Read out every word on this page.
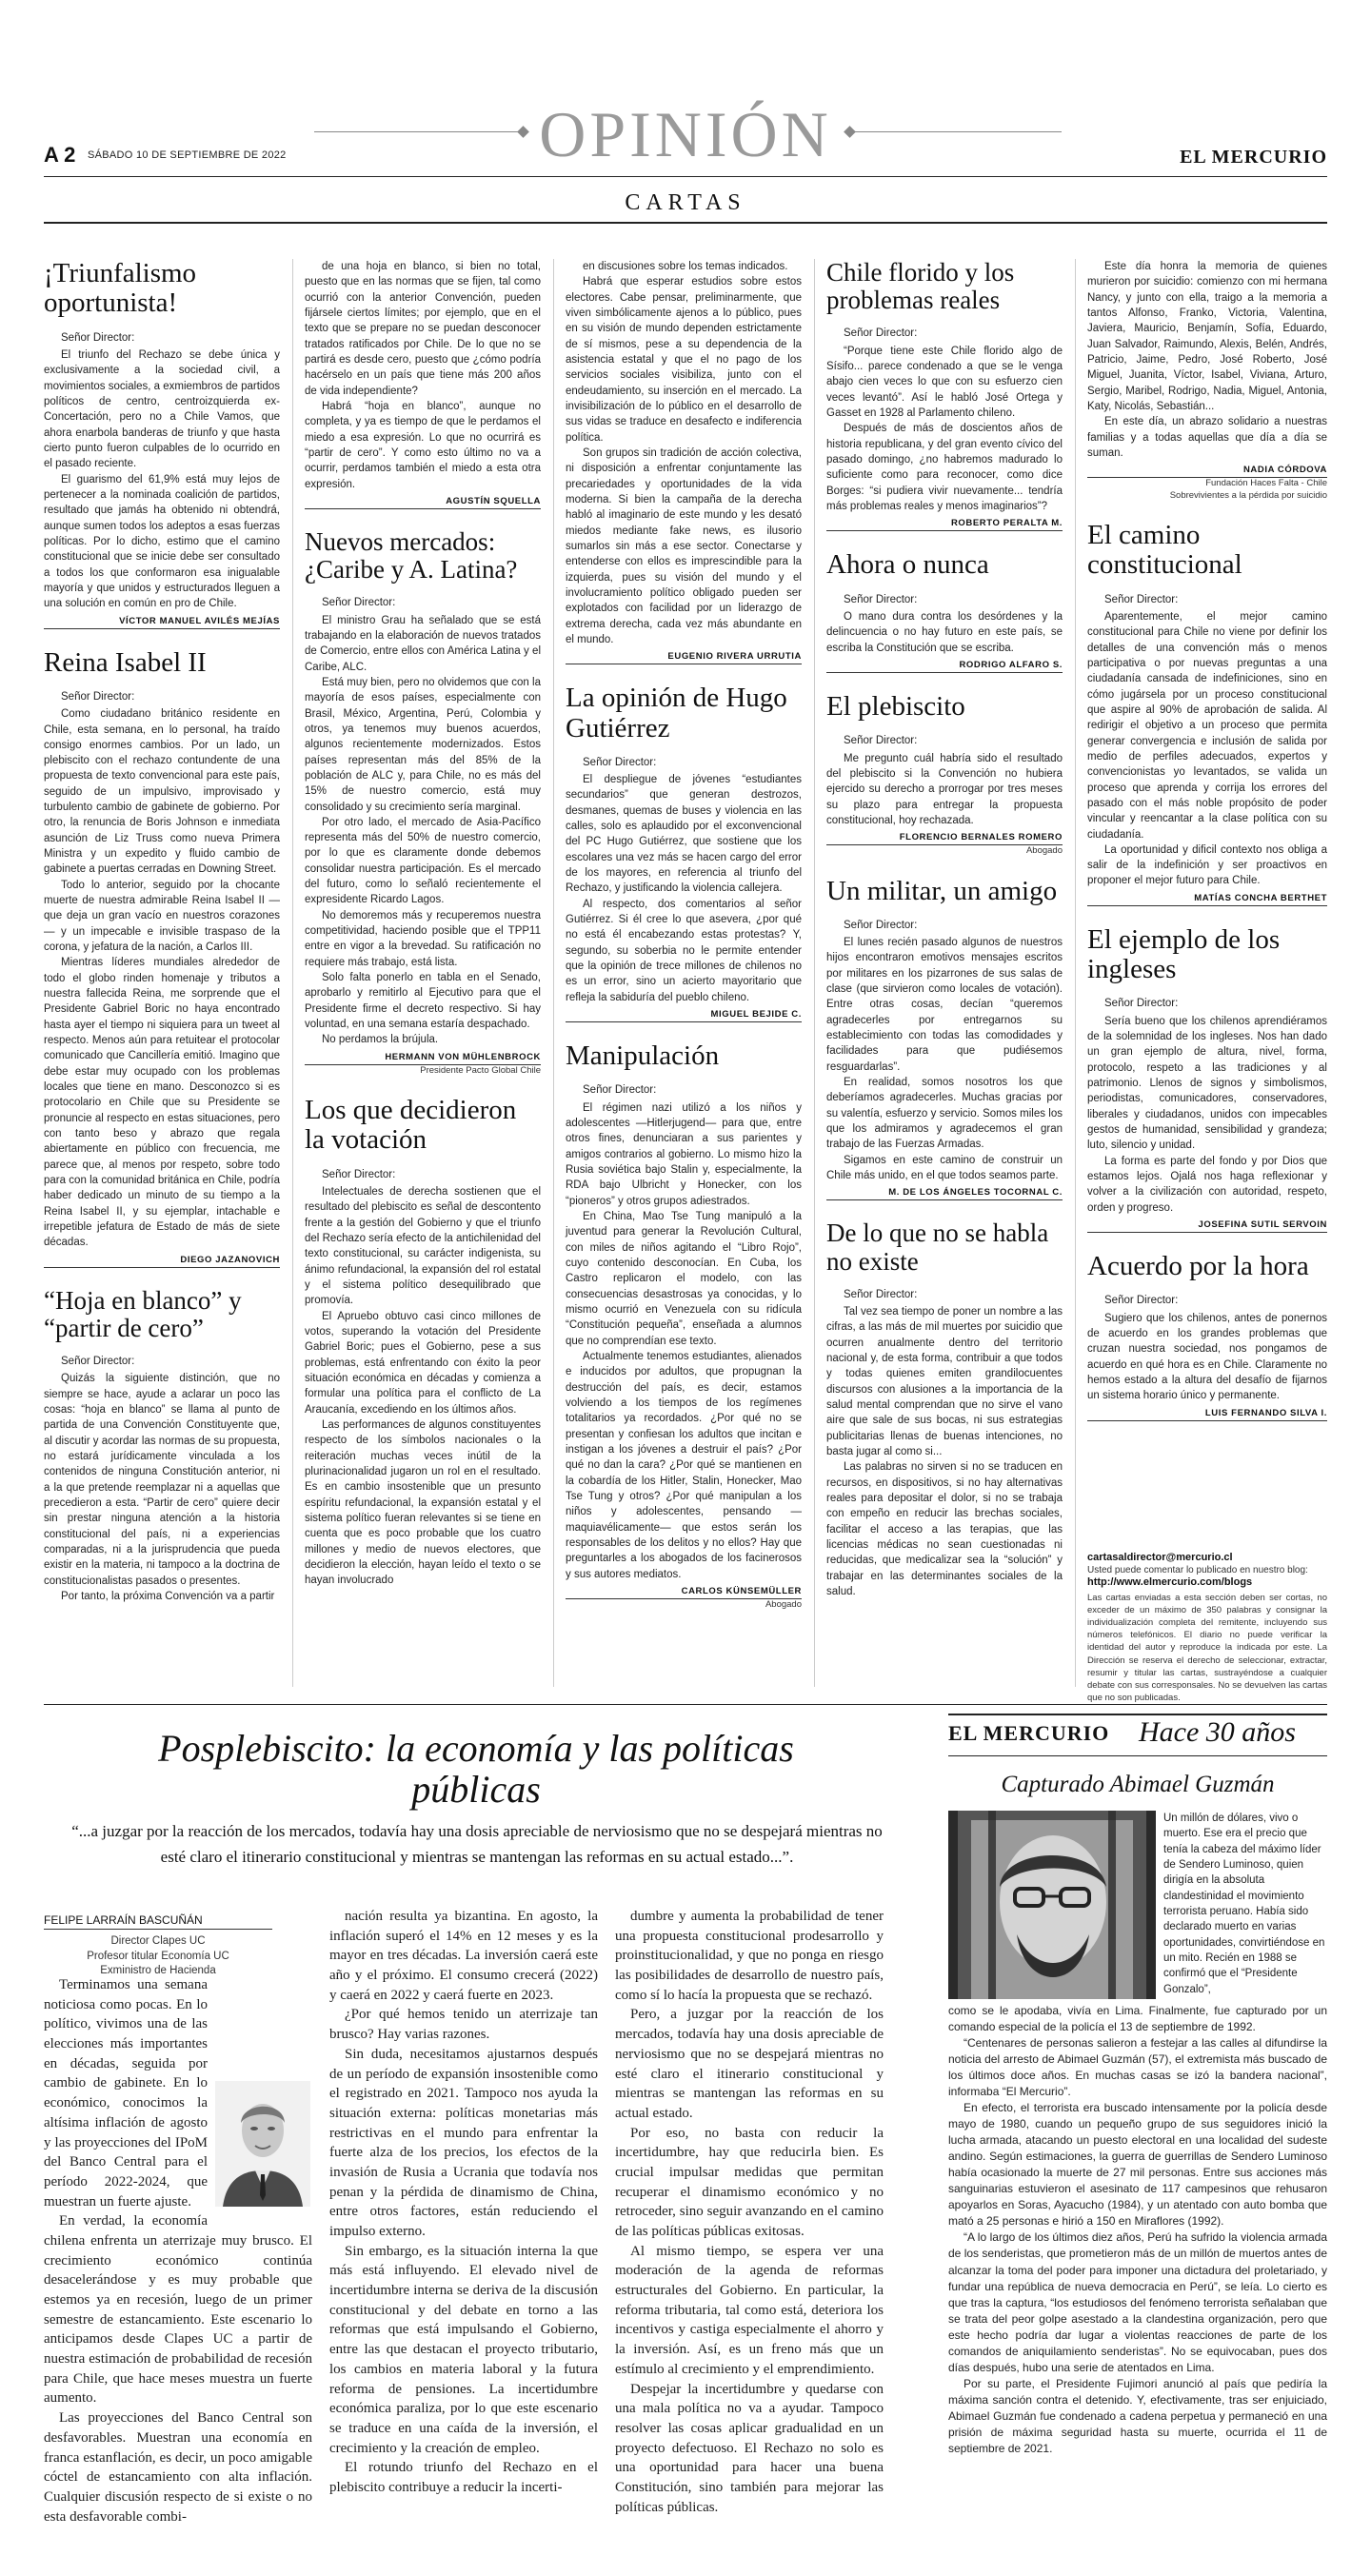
A 2 SÁBADO 10 DE SEPTIEMBRE DE 2022	OPINIÓN	EL MERCURIO
CARTAS
¡Triunfalismo oportunista!
Señor Director:

El triunfo del Rechazo se debe única y exclusivamente a la sociedad civil, a movimientos sociales, a exmiembros de partidos políticos de centro, centroizquierda ex-Concertación, pero no a Chile Vamos, que ahora enarbola banderas de triunfo y que hasta cierto punto fueron culpables de lo ocurrido en el pasado reciente.

El guarismo del 61,9% está muy lejos de pertenecer a la nominada coalición de partidos, resultado que jamás ha obtenido ni obtendrá, aunque sumen todos los adeptos a esas fuerzas políticas. Por lo dicho, estimo que el camino constitucional que se inicie debe ser consultado a todos los que conformaron esa inigualable mayoría y que unidos y estructurados lleguen a una solución en común en pro de Chile.

VÍCTOR MANUEL AVILÉS MEJÍAS
Reina Isabel II
Señor Director:

Como ciudadano británico residente en Chile, esta semana, en lo personal, ha traído consigo enormes cambios. Por un lado, un plebiscito con el rechazo contundente de una propuesta de texto convencional para este país, seguido de un impulsivo, improvisado y turbulento cambio de gabinete de gobierno. Por otro, la renuncia de Boris Johnson e inmediata asunción de Liz Truss como nueva Primera Ministra y un expedito y fluido cambio de gabinete a puertas cerradas en Downing Street.

Todo lo anterior, seguido por la chocante muerte de nuestra admirable Reina Isabel II —que deja un gran vacío en nuestros corazones— y un impecable e invisible traspaso de la corona, y jefatura de la nación, a Carlos III.

Mientras líderes mundiales alrededor de todo el globo rinden homenaje y tributos a nuestra fallecida Reina, me sorprende que el Presidente Gabriel Boric no haya encontrado hasta ayer el tiempo ni siquiera para un tweet al respecto. Menos aún para retuitear el protocolar comunicado que Cancillería emitió. Imagino que debe estar muy ocupado con los problemas locales que tiene en mano. Desconozco si es protocolario en Chile que su Presidente se pronuncie al respecto en estas situaciones, pero con tanto beso y abrazo que regala abiertamente en público con frecuencia, me parece que, al menos por respeto, sobre todo para con la comunidad británica en Chile, podría haber dedicado un minuto de su tiempo a la Reina Isabel II, y su ejemplar, intachable e irrepetible jefatura de Estado de más de siete décadas.

DIEGO JAZANOVICH
“Hoja en blanco” y “partir de cero”
Señor Director:

Quizás la siguiente distinción, que no siempre se hace, ayude a aclarar un poco las cosas: “hoja en blanco” se llama al punto de partida de una Convención Constituyente que, al discutir y acordar las normas de su propuesta, no estará jurídicamente vinculada a los contenidos de ninguna Constitución anterior, ni a la que pretende reemplazar ni a aquellas que precedieron a esta. “Partir de cero” quiere decir sin prestar ninguna atención a la historia constitucional del país, ni a experiencias comparadas, ni a la jurisprudencia que pueda existir en la materia, ni tampoco a la doctrina de constitucionalistas pasados o presentes.

Por tanto, la próxima Convención va a partir

de una hoja en blanco, si bien no total, puesto que en las normas que se fijen, tal como ocurrió con la anterior Convención, pueden fijársele ciertos límites; por ejemplo, que en el texto que se prepare no se puedan desconocer tratados ratificados por Chile. De lo que no se partirá es desde cero, puesto que ¿cómo podría hacérselo en un país que tiene más 200 años de vida independiente?

Habrá “hoja en blanco”, aunque no completa, y ya es tiempo de que le perdamos el miedo a esa expresión. Lo que no ocurrirá es “partir de cero”. Y como esto último no va a ocurrir, perdamos también el miedo a esta otra expresión.

AGUSTÍN SQUELLA
Nuevos mercados: ¿Caribe y A. Latina?
Señor Director:

El ministro Grau ha señalado que se está trabajando en la elaboración de nuevos tratados de Comercio, entre ellos con América Latina y el Caribe, ALC.

Está muy bien, pero no olvidemos que con la mayoría de esos países, especialmente con Brasil, México, Argentina, Perú, Colombia y otros, ya tenemos muy buenos acuerdos, algunos recientemente modernizados. Estos países representan más del 85% de la población de ALC y, para Chile, no es más del 15% de nuestro comercio, está muy consolidado y su crecimiento sería marginal.

Por otro lado, el mercado de Asia-Pacífico representa más del 50% de nuestro comercio, por lo que es claramente donde debemos consolidar nuestra participación. Es el mercado del futuro, como lo señaló recientemente el expresidente Ricardo Lagos.

No demoremos más y recuperemos nuestra competitividad, haciendo posible que el TPP11 entre en vigor a la brevedad. Su ratificación no requiere más trabajo, está lista.

Solo falta ponerlo en tabla en el Senado, aprobarlo y remitirlo al Ejecutivo para que el Presidente firme el decreto respectivo. Si hay voluntad, en una semana estaría despachado.

No perdamos la brújula.

HERMANN VON MÜHLENBROCK
Presidente Pacto Global Chile
Los que decidieron la votación
Señor Director:

Intelectuales de derecha sostienen que el resultado del plebiscito es señal de descontento frente a la gestión del Gobierno y que el triunfo del Rechazo sería efecto de la antichilenidad del texto constitucional, su carácter indigenista, su ánimo refundacional, la expansión del rol estatal y el sistema político desequilibrado que promovía.

El Apruebo obtuvo casi cinco millones de votos, superando la votación del Presidente Gabriel Boric; pues el Gobierno, pese a sus problemas, está enfrentando con éxito la peor situación económica en décadas y comienza a formular una política para el conflicto de La Araucanía, excediendo en los últimos años.

Las performances de algunos constituyentes respecto de los símbolos nacionales o la reiteración muchas veces inútil de la plurinacionalidad jugaron un rol en el resultado. Es en cambio insostenible que un presunto espíritu refundacional, la expansión estatal y el sistema político fueran relevantes si se tiene en cuenta que es poco probable que los cuatro millones y medio de nuevos electores, que decidieron la elección, hayan leído el texto o se hayan involucrado

en discusiones sobre los temas indicados.

Habrá que esperar estudios sobre estos electores. Cabe pensar, preliminarmente, que viven simbólicamente ajenos a lo público, pues en su visión de mundo dependen estrictamente de sí mismos, pese a su dependencia de la asistencia estatal y que el no pago de los servicios sociales visibiliza, junto con el endeudamiento, su inserción en el mercado. La invisibilización de lo público en el desarrollo de sus vidas se traduce en desafecto e indiferencia política.

Son grupos sin tradición de acción colectiva, ni disposición a enfrentar conjuntamente las precariedades y oportunidades de la vida moderna. Si bien la campaña de la derecha habló al imaginario de este mundo y les desató miedos mediante fake news, es ilusorio sumarlos sin más a ese sector. Conectarse y entenderse con ellos es imprescindible para la izquierda, pues su visión del mundo y el involucramiento político obligado pueden ser explotados con facilidad por un liderazgo de extrema derecha, cada vez más abundante en el mundo.

EUGENIO RIVERA URRUTIA
La opinión de Hugo Gutiérrez
Señor Director:

El despliegue de jóvenes “estudiantes secundarios” que generan destrozos, desmanes, quemas de buses y violencia en las calles, solo es aplaudido por el exconvencional del PC Hugo Gutiérrez, que sostiene que los escolares una vez más se hacen cargo del error de los mayores, en referencia al triunfo del Rechazo, y justificando la violencia callejera.

Al respecto, dos comentarios al señor Gutiérrez. Si él cree lo que asevera, ¿por qué no está él encabezando estas protestas? Y, segundo, su soberbia no le permite entender que la opinión de trece millones de chilenos no es un error, sino un acierto mayoritario que refleja la sabiduría del pueblo chileno.

MIGUEL BEJIDE C.
Manipulación
Señor Director:

El régimen nazi utilizó a los niños y adolescentes —Hitlerjugend— para que, entre otros fines, denunciaran a sus parientes y amigos contrarios al gobierno. Lo mismo hizo la Rusia soviética bajo Stalin y, especialmente, la RDA bajo Ulbricht y Honecker, con los “pioneros” y otros grupos adiestrados.

En China, Mao Tse Tung manipuló a la juventud para generar la Revolución Cultural, con miles de niños agitando el “Libro Rojo”, cuyo contenido desconocían. En Cuba, los Castro replicaron el modelo, con las consecuencias desastrosas ya conocidas, y lo mismo ocurrió en Venezuela con su ridícula “Constitución pequeña”, enseñada a alumnos que no comprendían ese texto.

Actualmente tenemos estudiantes, alienados e inducidos por adultos, que propugnan la destrucción del país, es decir, estamos volviendo a los tiempos de los regímenes totalitarios ya recordados. ¿Por qué no se presentan y confiesan los adultos que incitan e instigan a los jóvenes a destruir el país? ¿Por qué no dan la cara? ¿Por qué se mantienen en la cobardía de los Hitler, Stalin, Honecker, Mao Tse Tung y otros? ¿Por qué manipulan a los niños y adolescentes, pensando —maquiavélicamente— que estos serán los responsables de los delitos y no ellos? Hay que preguntarles a los abogados de los facinerosos y sus autores mediatos.

CARLOS KÜNSEMÜLLER
Abogado
Chile florido y los problemas reales
Señor Director:

“Porque tiene este Chile florido algo de Sísifo... parece condenado a que se le venga abajo cien veces lo que con su esfuerzo cien veces levantó”. Así le habló José Ortega y Gasset en 1928 al Parlamento chileno.

Después de más de doscientos años de historia republicana, y del gran evento cívico del pasado domingo, ¿no habremos madurado lo suficiente como para reconocer, como dice Borges: “si pudiera vivir nuevamente... tendría más problemas reales y menos imaginarios”?

ROBERTO PERALTA M.
Ahora o nunca
Señor Director:

O mano dura contra los desórdenes y la delincuencia o no hay futuro en este país, se escriba la Constitución que se escriba.

RODRIGO ALFARO S.
El plebiscito
Señor Director:

Me pregunto cuál habría sido el resultado del plebiscito si la Convención no hubiera ejercido su derecho a prorrogar por tres meses su plazo para entregar la propuesta constitucional, hoy rechazada.

FLORENCIO BERNALES ROMERO
Abogado
Un militar, un amigo
Señor Director:

El lunes recién pasado algunos de nuestros hijos encontraron emotivos mensajes escritos por militares en los pizarrones de sus salas de clase (que sirvieron como locales de votación). Entre otras cosas, decían “queremos agradecerles por entregarnos su establecimiento con todas las comodidades y facilidades para que pudiésemos resguardarlas”.

En realidad, somos nosotros los que deberíamos agradecerles. Muchas gracias por su valentía, esfuerzo y servicio. Somos miles los que los admiramos y agradecemos el gran trabajo de las Fuerzas Armadas.

Sigamos en este camino de construir un Chile más unido, en el que todos seamos parte.

M. DE LOS ÁNGELES TOCORNAL C.
De lo que no se habla no existe
Señor Director:

Tal vez sea tiempo de poner un nombre a las cifras, a las más de mil muertes por suicidio que ocurren anualmente dentro del territorio nacional y, de esta forma, contribuir a que todos y todas quienes emiten grandilocuentes discursos con alusiones a la importancia de la salud mental comprendan que no sirve el vano aire que sale de sus bocas, ni sus estrategias publicitarias llenas de buenas intenciones, no basta jugar al como si...

Las palabras no sirven si no se traducen en recursos, en dispositivos, si no hay alternativas reales para depositar el dolor, si no se trabaja con empeño en reducir las brechas sociales, facilitar el acceso a las terapias, que las licencias médicas no sean cuestionadas ni reducidas, que medicalizar sea la “solución” y trabajar en las determinantes sociales de la salud.

Este día honra la memoria de quienes murieron por suicidio: comienzo con mi hermana Nancy, y junto con ella, traigo a la memoria a tantos Alfonso, Franko, Victoria, Valentina, Javiera, Mauricio, Benjamín, Sofía, Eduardo, Juan Salvador, Raimundo, Alexis, Belén, Andrés, Patricio, Jaime, Pedro, José Roberto, José Miguel, Juanita, Víctor, Isabel, Viviana, Arturo, Sergio, Maribel, Rodrigo, Nadia, Miguel, Antonia, Katy, Nicolás, Sebastián...

En este día, un abrazo solidario a nuestras familias y a todas aquellas que día a día se suman.

NADIA CÓRDOVA
Fundación Haces Falta - Chile
Sobrevivientes a la pérdida por suicidio
El camino constitucional
Señor Director:

Aparentemente, el mejor camino constitucional para Chile no viene por definir los detalles de una convención más o menos participativa o por nuevas preguntas a una ciudadanía cansada de indefiniciones, sino en cómo jugársela por un proceso constitucional que aspire al 90% de aprobación de salida. Al redirigir el objetivo a un proceso que permita generar convergencia e inclusión de salida por medio de perfiles adecuados, expertos y convencionistas yo levantados, se valida un proceso que aprenda y corrija los errores del pasado con el más noble propósito de poder vincular y reencantar a la clase política con su ciudadanía.

La oportunidad y dificil contexto nos obliga a salir de la indefinición y ser proactivos en proponer el mejor futuro para Chile.

MATÍAS CONCHA BERTHET
El ejemplo de los ingleses
Señor Director:

Sería bueno que los chilenos aprendiéramos de la solemnidad de los ingleses. Nos han dado un gran ejemplo de altura, nivel, forma, protocolo, respeto a las tradiciones y al patrimonio. Llenos de signos y simbolismos, periodistas, comunicadores, conservadores, liberales y ciudadanos, unidos con impecables gestos de humanidad, sensibilidad y grandeza; luto, silencio y unidad.

La forma es parte del fondo y por Dios que estamos lejos. Ojalá nos haga reflexionar y volver a la civilización con autoridad, respeto, orden y progreso.

JOSEFINA SUTIL SERVOIN
Acuerdo por la hora
Señor Director:

Sugiero que los chilenos, antes de ponernos de acuerdo en los grandes problemas que cruzan nuestra sociedad, nos pongamos de acuerdo en qué hora es en Chile. Claramente no hemos estado a la altura del desafío de fijarnos un sistema horario único y permanente.

LUIS FERNANDO SILVA I.
cartasaldirector@mercurio.cl
Usted puede comentar lo publicado en nuestro blog:
http://www.elmercurio.com/blogs
Las cartas enviadas a esta sección deben ser cortas, no exceder de un máximo de 350 palabras y consignar la individualización completa del remitente, incluyendo sus números telefónicos. El diario no puede verificar la identidad del autor y reproduce la indicada por este. La Dirección se reserva el derecho de seleccionar, extractar, resumir y titular las cartas, sustrayéndose a cualquier debate con sus corresponsales. No se devuelven las cartas que no son publicadas.
Posplebiscito: la economía y las políticas públicas
“...a juzgar por la reacción de los mercados, todavía hay una dosis apreciable de nerviosismo que no se despejará mientras no esté claro el itinerario constitucional y mientras se mantengan las reformas en su actual estado...”.
FELIPE LARRAÍN BASCUÑÁN
Director Clapes UC
Profesor titular Economía UC
Exministro de Hacienda

Terminamos una semana noticiosa como pocas. En lo político, vivimos una de las elecciones más importantes en décadas, seguida por cambio de gabinete. En lo económico, conocimos la altísima inflación de agosto y las proyecciones del IPoM del Banco Central para el período 2022-2024, que muestran un fuerte ajuste.

En verdad, la economía chilena enfrenta un aterrizaje muy brusco. El crecimiento económico continúa desacelerándose y es muy probable que estemos ya en recesión, luego de un primer semestre de estancamiento. Este escenario lo anticipamos desde Clapes UC a partir de nuestra estimación de probabilidad de recesión para Chile, que hace meses muestra un fuerte aumento.

Las proyecciones del Banco Central son desfavorables. Muestran una economía en franca estanflación, es decir, un poco amigable cóctel de estancamiento con alta inflación. Cualquier discusión respecto de si existe o no esta desfavorable combi-

nación resulta ya bizantina. En agosto, la inflación superó el 14% en 12 meses y es la mayor en tres décadas. La inversión caerá este año y el próximo. El consumo crecerá (2022) y caerá en 2022 y caerá fuerte en 2023.

¿Por qué hemos tenido un aterrizaje tan brusco? Hay varias razones.

Sin duda, necesitamos ajustarnos después de un período de expansión insostenible como el registrado en 2021. Tampoco nos ayuda la situación externa: políticas monetarias más restrictivas en el mundo para enfrentar la fuerte alza de los precios, los efectos de la invasión de Rusia a Ucrania que todavía nos penan y la pérdida de dinamismo de China, entre otros factores, están reduciendo el impulso externo.

Sin embargo, es la situación interna la que más está influyendo. El elevado nivel de incertidumbre interna se deriva de la discusión constitucional y del debate en torno a las reformas que está impulsando el Gobierno, entre las que destacan el proyecto tributario, los cambios en materia laboral y la futura reforma de pensiones. La incertidumbre económica paraliza, por lo que este escenario se traduce en una caída de la inversión, el crecimiento y la creación de empleo.

El rotundo triunfo del Rechazo en el plebiscito contribuye a reducir la incerti-

dumbre y aumenta la probabilidad de tener una propuesta constitucional prodesarrollo y proinstitucionalidad, y que no ponga en riesgo las posibilidades de desarrollo de nuestro país, como sí lo hacía la propuesta que se rechazó.

Pero, a juzgar por la reacción de los mercados, todavía hay una dosis apreciable de nerviosismo que no se despejará mientras no esté claro el itinerario constitucional y mientras se mantengan las reformas en su actual estado.

Por eso, no basta con reducir la incertidumbre, hay que reducirla bien. Es crucial impulsar medidas que permitan recuperar el dinamismo económico y no retroceder, sino seguir avanzando en el camino de las políticas públicas exitosas.

Al mismo tiempo, se espera ver una moderación de la agenda de reformas estructurales del Gobierno. En particular, la reforma tributaria, tal como está, deteriora los incentivos y castiga especialmente el ahorro y la inversión. Así, es un freno más que un estímulo al crecimiento y el emprendimiento.

Despejar la incertidumbre y quedarse con una mala política no va a ayudar. Tampoco resolver las cosas aplicar gradualidad en un proyecto defectuoso. El Rechazo no solo es una oportunidad para hacer una buena Constitución, sino también para mejorar las políticas públicas.

EL MERCURIO Hace 30 años
Capturado Abimael Guzmán
Un millón de dólares, vivo o muerto. Ese era el precio que tenía la cabeza del máximo líder de Sendero Luminoso, quien dirigía en la absoluta clandestinidad el movimiento terrorista peruano. Había sido declarado muerto en varias oportunidades, convirtiéndose en un mito. Recién en 1988 se confirmó que el “Presidente Gonzalo”,

como se le apodaba, vivía en Lima. Finalmente, fue capturado por un comando especial de la policía el 13 de septiembre de 1992.

“Centenares de personas salieron a festejar a las calles al difundirse la noticia del arresto de Abimael Guzmán (57), el extremista más buscado de los últimos doce años. En muchas casas se izó la bandera nacional”, informaba “El Mercurio”.

En efecto, el terrorista era buscado intensamente por la policía desde mayo de 1980, cuando un pequeño grupo de sus seguidores inició la lucha armada, atacando un puesto electoral en una localidad del sudeste andino. Según estimaciones, la guerra de guerrillas de Sendero Luminoso había ocasionado la muerte de 27 mil personas. Entre sus acciones más sanguinarias estuvieron el asesinato de 117 campesinos que rehusaron apoyarlos en Soras, Ayacucho (1984), y un atentado con auto bomba que mató a 25 personas e hirió a 150 en Miraflores (1992).

“A lo largo de los últimos diez años, Perú ha sufrido la violencia armada de los senderistas, que prometieron más de un millón de muertos antes de alcanzar la toma del poder para imponer una dictadura del proletariado, y fundar una república de nueva democracia en Perú”, se leía. Lo cierto es que tras la captura, “los estudiosos del fenómeno terrorista señalaban que se trata del peor golpe asestado a la clandestina organización, pero que este hecho podría dar lugar a violentas reacciones de parte de los comandos de aniquilamiento senderistas”. No se equivocaban, pues dos días después, hubo una serie de atentados en Lima.

Por su parte, el Presidente Fujimori anunció al país que pediría la máxima sanción contra el detenido. Y, efectivamente, tras ser enjuiciado, Abimael Guzmán fue condenado a cadena perpetua y permaneció en una prisión de máxima seguridad hasta su muerte, ocurrida el 11 de septiembre de 2021.
